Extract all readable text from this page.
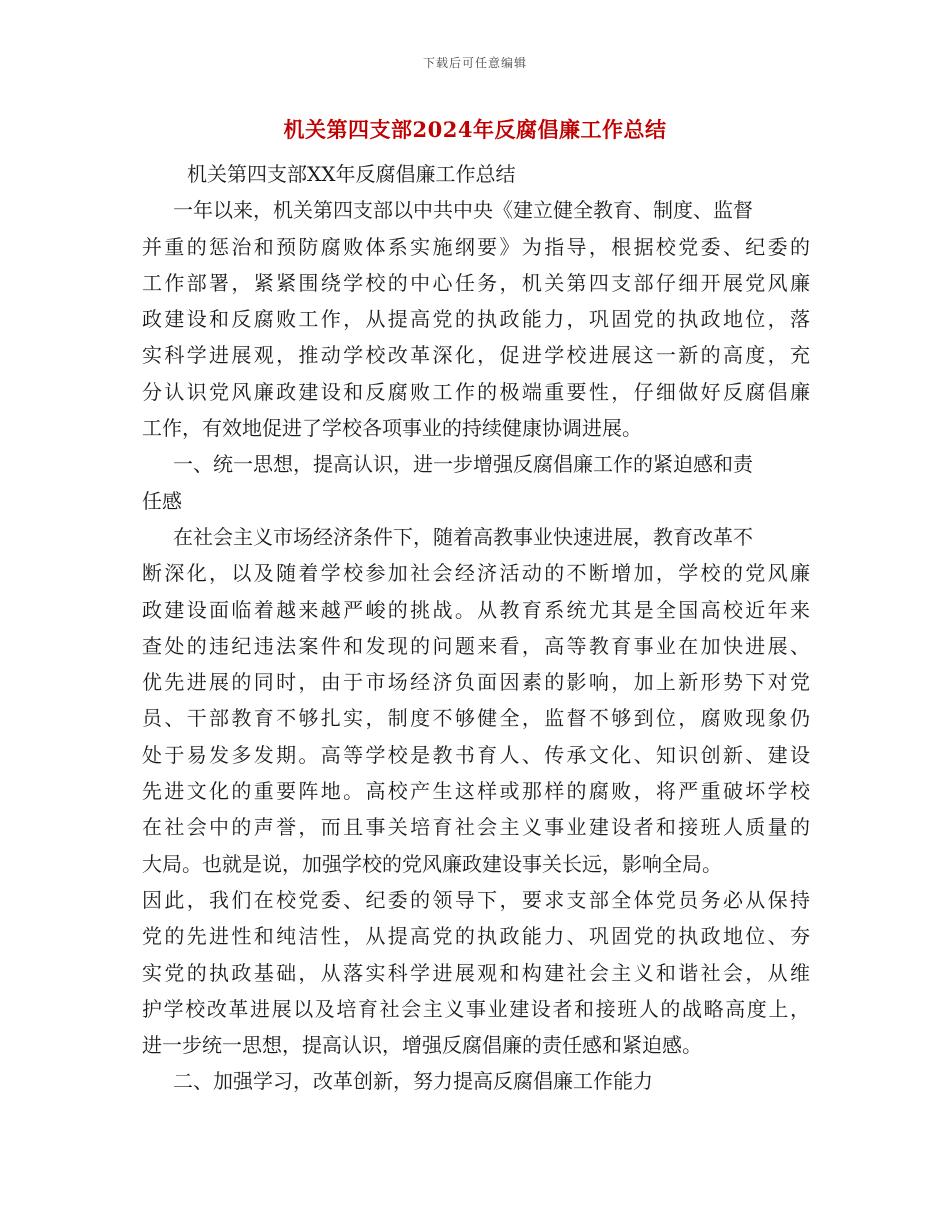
下载后可任意编辑
机关第四支部2024年反腐倡廉工作总结
机关第四支部XX年反腐倡廉工作总结
一年以来，机关第四支部以中共中央《建立健全教育、制度、监督
并重的惩治和预防腐败体系实施纲要》为指导，根据校党委、纪委的
工作部署，紧紧围绕学校的中心任务，机关第四支部仔细开展党风廉
政建设和反腐败工作，从提高党的执政能力，巩固党的执政地位，落
实科学进展观，推动学校改革深化，促进学校进展这一新的高度，充
分认识党风廉政建设和反腐败工作的极端重要性，仔细做好反腐倡廉
工作，有效地促进了学校各项事业的持续健康协调进展。
一、统一思想，提高认识，进一步增强反腐倡廉工作的紧迫感和责
任感
在社会主义市场经济条件下，随着高教事业快速进展，教育改革不
断深化，以及随着学校参加社会经济活动的不断增加，学校的党风廉
政建设面临着越来越严峻的挑战。从教育系统尤其是全国高校近年来
查处的违纪违法案件和发现的问题来看，高等教育事业在加快进展、
优先进展的同时，由于市场经济负面因素的影响，加上新形势下对党
员、干部教育不够扎实，制度不够健全，监督不够到位，腐败现象仍
处于易发多发期。高等学校是教书育人、传承文化、知识创新、建设
先进文化的重要阵地。高校产生这样或那样的腐败，将严重破坏学校
在社会中的声誉，而且事关培育社会主义事业建设者和接班人质量的
大局。也就是说，加强学校的党风廉政建设事关长远，影响全局。
因此，我们在校党委、纪委的领导下，要求支部全体党员务必从保持
党的先进性和纯洁性，从提高党的执政能力、巩固党的执政地位、夯
实党的执政基础，从落实科学进展观和构建社会主义和谐社会，从维
护学校改革进展以及培育社会主义事业建设者和接班人的战略高度上，
进一步统一思想，提高认识，增强反腐倡廉的责任感和紧迫感。
二、加强学习，改革创新，努力提高反腐倡廉工作能力
